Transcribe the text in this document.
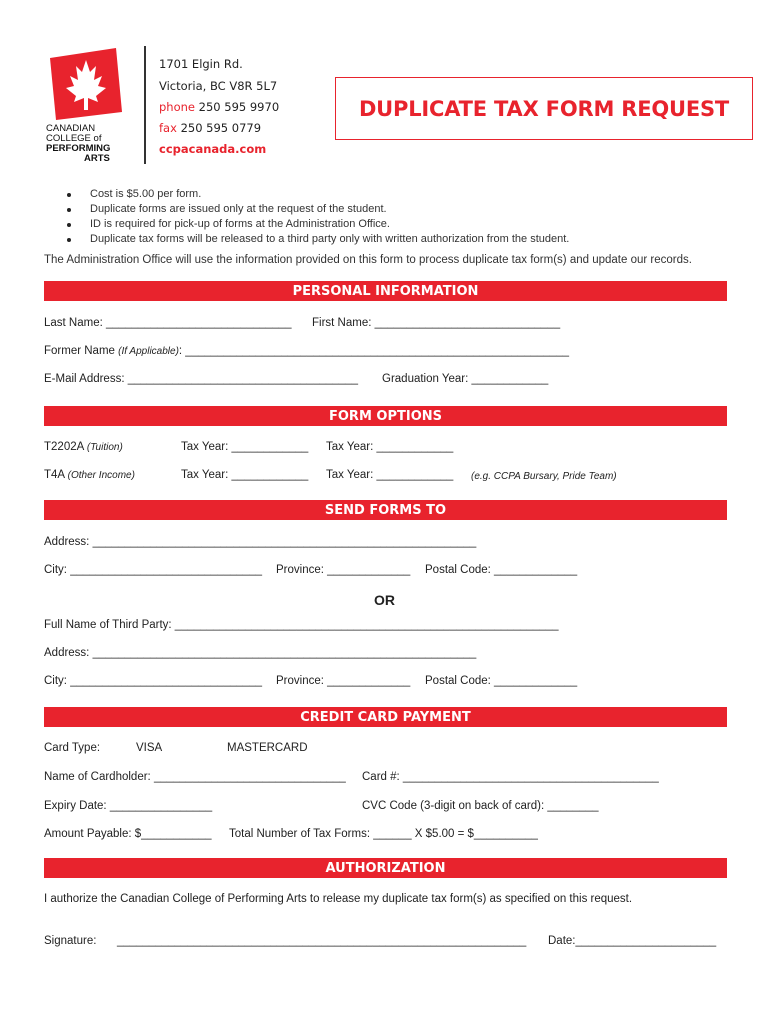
CANADIAN
COLLEGE of
PERFORMING
ARTS
1701 Elgin Rd.
Victoria, BC V8R 5L7
phone 250 595 9970
fax 250 595 0779
ccpacanada.com
DUPLICATE TAX FORM REQUEST
Cost is $5.00 per form.
Duplicate forms are issued only at the request of the student.
ID is required for pick-up of forms at the Administration Office.
Duplicate tax forms will be released to a third party only with written authorization from the student.
The Administration Office will use the information provided on this form to process duplicate tax form(s) and update our records.
PERSONAL INFORMATION
Last Name: _____________________________ First Name: _____________________________
Former Name (If Applicable): ____________________________________________________________
E-Mail Address: ____________________________________ Graduation Year: ____________
FORM OPTIONS
T2202A (Tuition)	Tax Year: ____________ Tax Year: ____________
T4A (Other Income)	Tax Year: ____________ Tax Year: ____________ (e.g. CCPA Bursary, Pride Team)
SEND FORMS TO
Address: ____________________________________________________________
City: ______________________________ Province: _____________ Postal Code: _____________
OR
Full Name of Third Party: ____________________________________________________________
Address: ____________________________________________________________
City: ______________________________ Province: _____________ Postal Code: _____________
CREDIT CARD PAYMENT
Card Type:	VISA	MASTERCARD
Name of Cardholder: ______________________________ Card #: ________________________________________
Expiry Date: ________________	CVC Code (3-digit on back of card): ________
Amount Payable: $___________ Total Number of Tax Forms: ______ X $5.00 = $__________
AUTHORIZATION
I authorize the Canadian College of Performing Arts to release my duplicate tax form(s) as specified on this request.
Signature: ________________________________________________________________ Date:______________________
